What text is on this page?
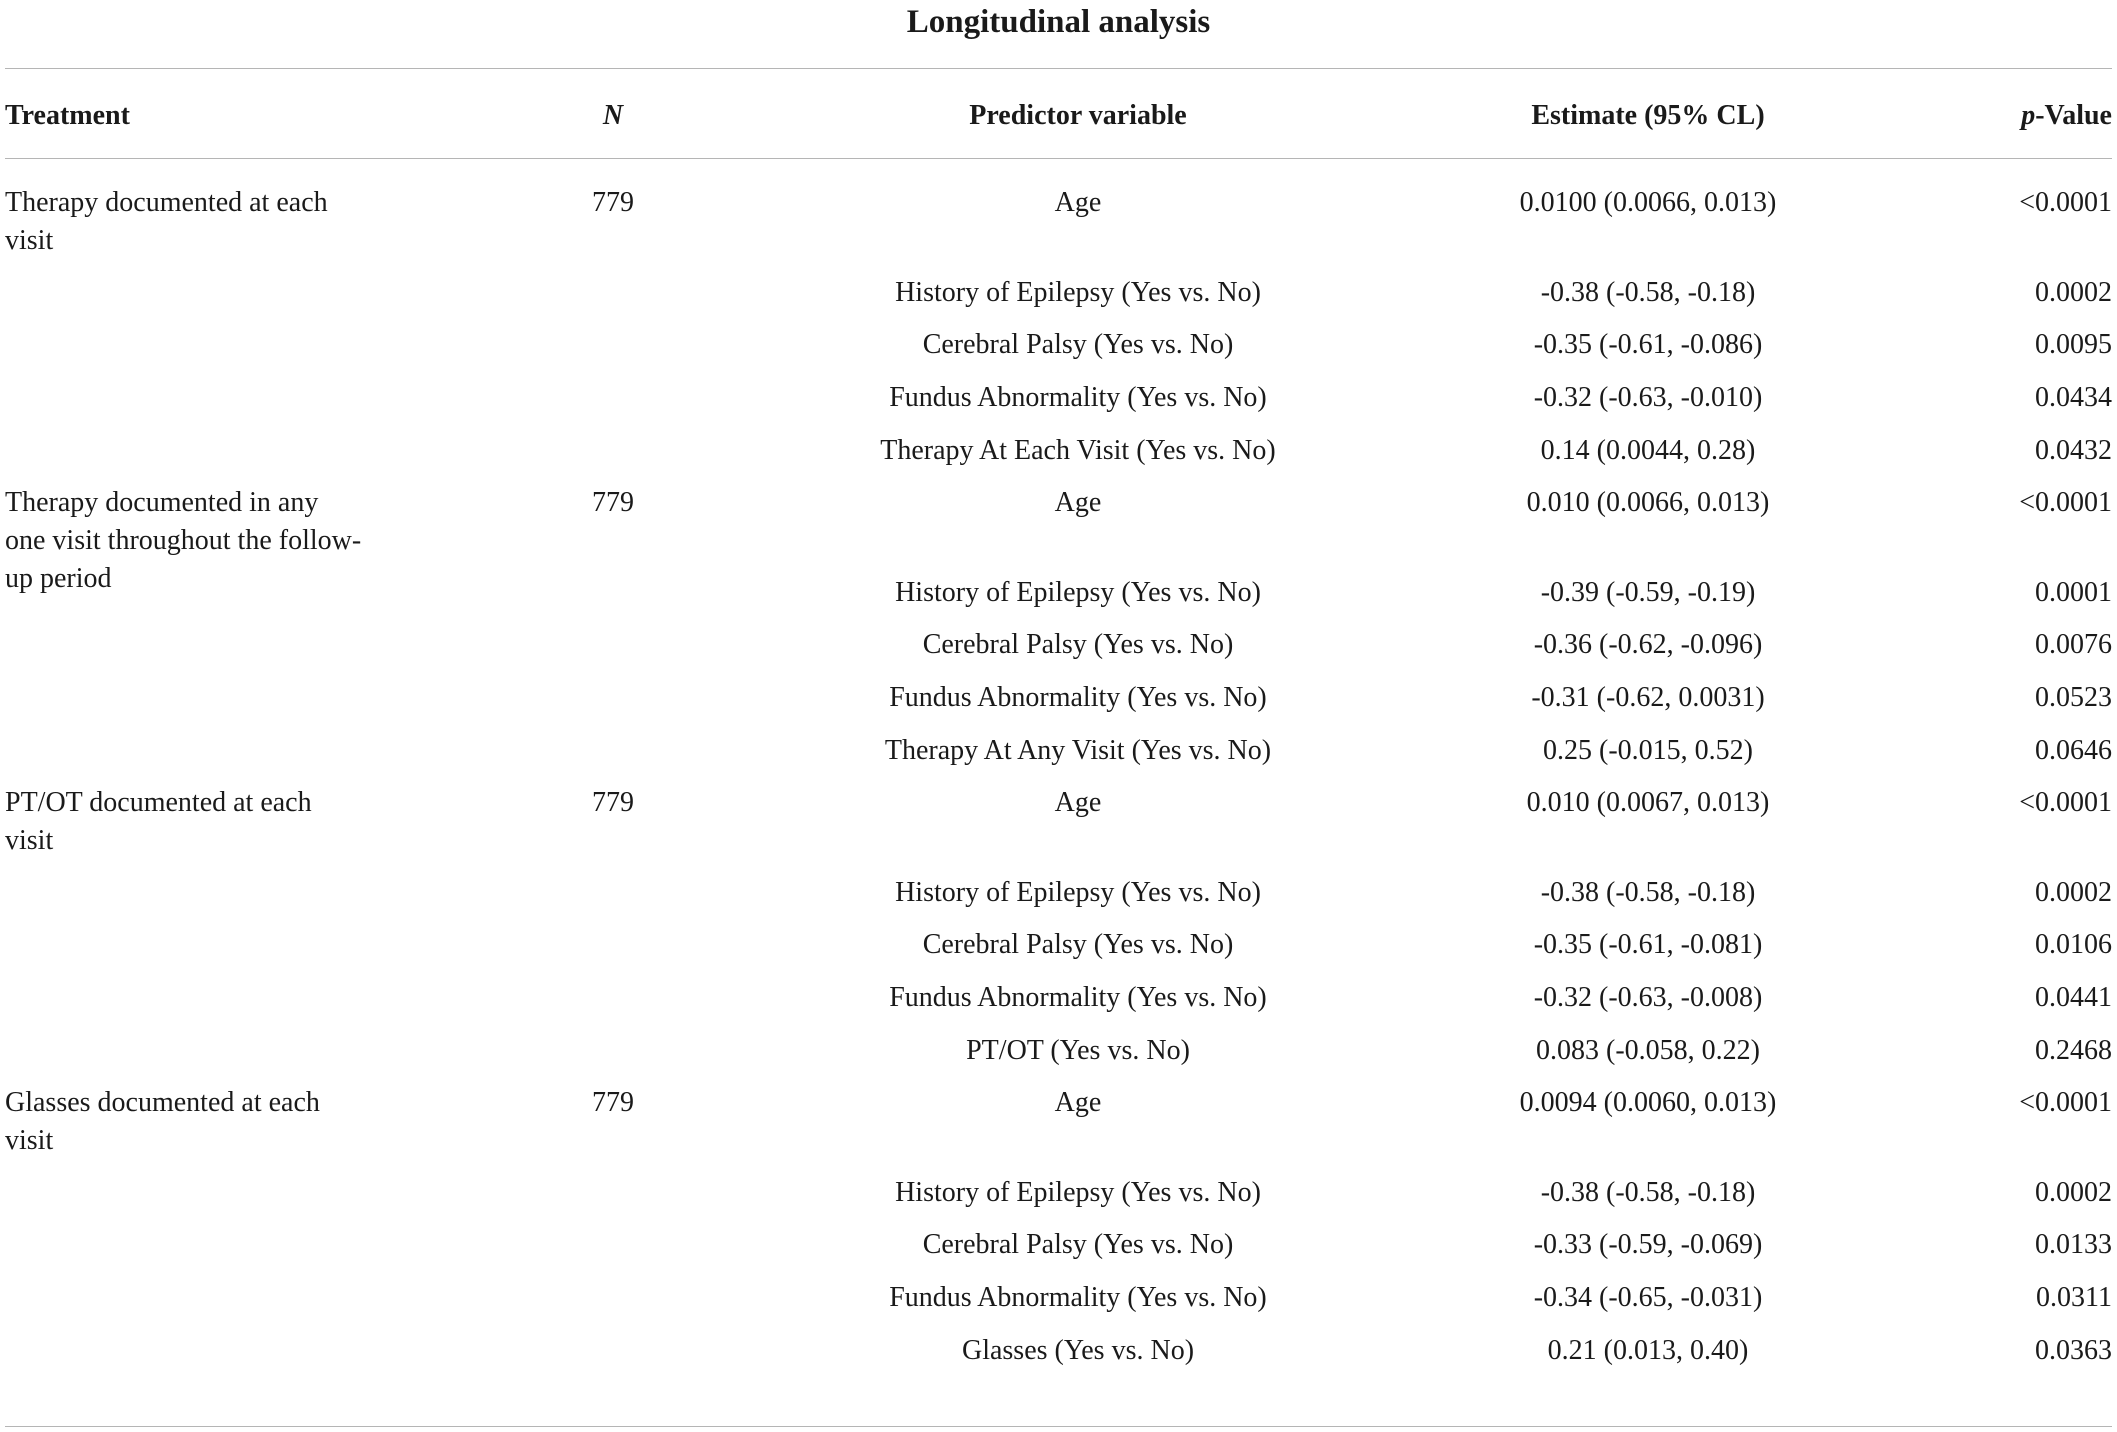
Longitudinal analysis
Treatment	N	Predictor variable	Estimate (95% CL)	p-Value
Therapy documented at each visit
779	Age	0.0100 (0.0066, 0.013)	<0.0001
History of Epilepsy (Yes vs. No)	-0.38 (-0.58, -0.18)	0.0002
Cerebral Palsy (Yes vs. No)	-0.35 (-0.61, -0.086)	0.0095
Fundus Abnormality (Yes vs. No)	-0.32 (-0.63, -0.010)	0.0434
Therapy At Each Visit (Yes vs. No)	0.14 (0.0044, 0.28)	0.0432
Therapy documented in any one visit throughout the follow-up period
779	Age	0.010 (0.0066, 0.013)	<0.0001
History of Epilepsy (Yes vs. No)	-0.39 (-0.59, -0.19)	0.0001
Cerebral Palsy (Yes vs. No)	-0.36 (-0.62, -0.096)	0.0076
Fundus Abnormality (Yes vs. No)	-0.31 (-0.62, 0.0031)	0.0523
Therapy At Any Visit (Yes vs. No)	0.25 (-0.015, 0.52)	0.0646
PT/OT documented at each visit
779	Age	0.010 (0.0067, 0.013)	<0.0001
History of Epilepsy (Yes vs. No)	-0.38 (-0.58, -0.18)	0.0002
Cerebral Palsy (Yes vs. No)	-0.35 (-0.61, -0.081)	0.0106
Fundus Abnormality (Yes vs. No)	-0.32 (-0.63, -0.008)	0.0441
PT/OT (Yes vs. No)	0.083 (-0.058, 0.22)	0.2468
Glasses documented at each visit
779	Age	0.0094 (0.0060, 0.013)	<0.0001
History of Epilepsy (Yes vs. No)	-0.38 (-0.58, -0.18)	0.0002
Cerebral Palsy (Yes vs. No)	-0.33 (-0.59, -0.069)	0.0133
Fundus Abnormality (Yes vs. No)	-0.34 (-0.65, -0.031)	0.0311
Glasses (Yes vs. No)	0.21 (0.013, 0.40)	0.0363
